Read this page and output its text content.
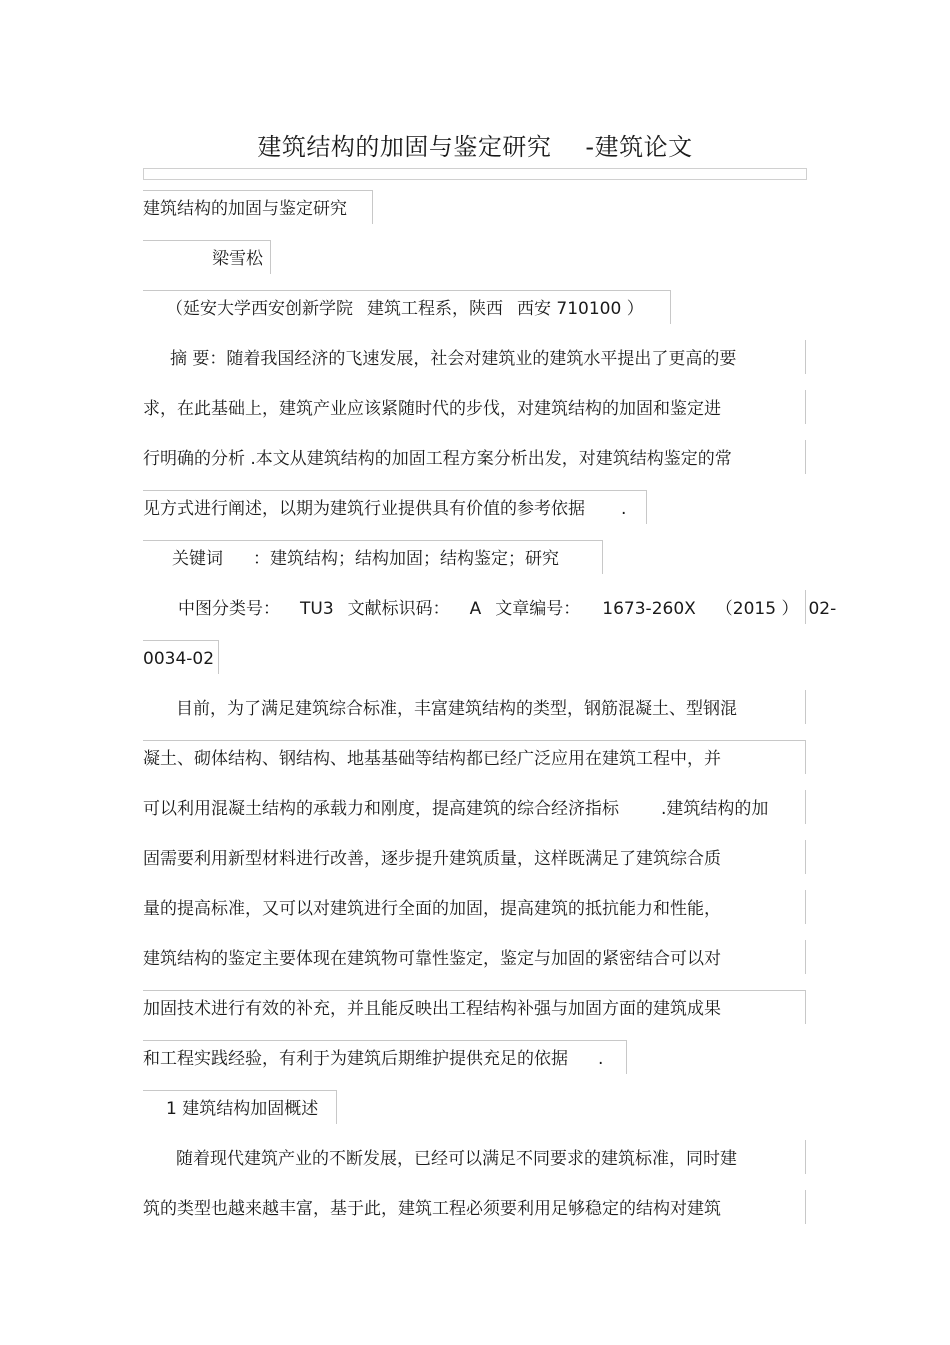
建筑结构的加固与鉴定研究 -建筑论文
建筑结构的加固与鉴定研究
梁雪松
（延安大学西安创新学院 建筑工程系，陕西 西安 710100 ）
摘 要：随着我国经济的飞速发展，社会对建筑业的建筑水平提出了更高的要
求，在此基础上，建筑产业应该紧随时代的步伐，对建筑结构的加固和鉴定进
行明确的分析 .本文从建筑结构的加固工程方案分析出发，对建筑结构鉴定的常
见方式进行阐述，以期为建筑行业提供具有价值的参考依据 .
关键词 ：建筑结构；结构加固；结构鉴定；研究
中图分类号： TU3 文献标识码： A 文章编号： 1673-260X （2015 ） 02-
0034-02
目前，为了满足建筑综合标准，丰富建筑结构的类型，钢筋混凝土、型钢混
凝土、砌体结构、钢结构、地基基础等结构都已经广泛应用在建筑工程中，并
可以利用混凝土结构的承载力和刚度，提高建筑的综合经济指标 .建筑结构的加
固需要利用新型材料进行改善，逐步提升建筑质量，这样既满足了建筑综合质
量的提高标准，又可以对建筑进行全面的加固，提高建筑的抵抗能力和性能，
建筑结构的鉴定主要体现在建筑物可靠性鉴定，鉴定与加固的紧密结合可以对
加固技术进行有效的补充，并且能反映出工程结构补强与加固方面的建筑成果
和工程实践经验，有利于为建筑后期维护提供充足的依据 .
1 建筑结构加固概述
随着现代建筑产业的不断发展，已经可以满足不同要求的建筑标准，同时建
筑的类型也越来越丰富，基于此，建筑工程必须要利用足够稳定的结构对建筑
